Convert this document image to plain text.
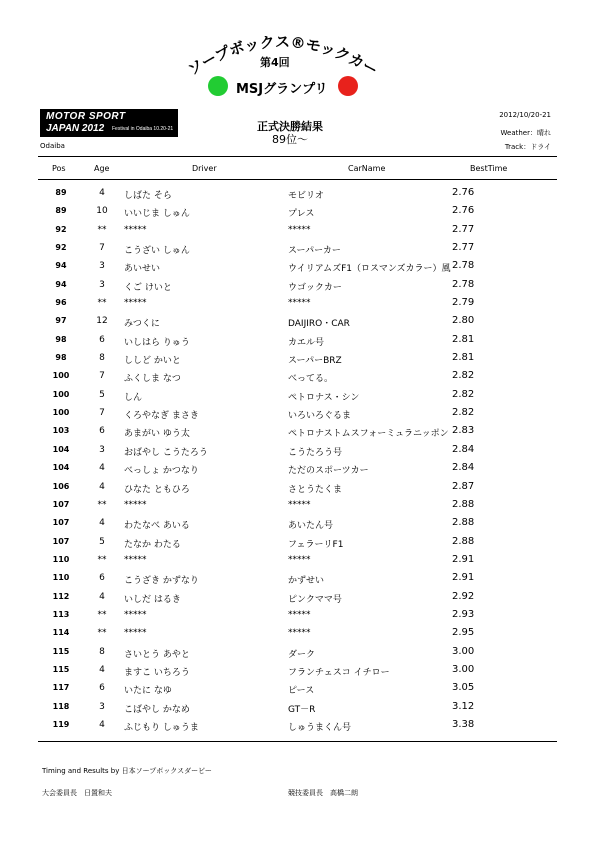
ソープボックス®モックカー
第4回
MSJグランプリ
MOTOR SPORT
JAPAN 2012 Festival in Odaiba 10.20-21
Odaiba
正式決勝結果
89位～
2012/10/20-21
Weather：晴れ
Track：ドライ
Pos	Age	Driver	CarName	BestTime
89	4	しばた そら	モビリオ	2.76
89	10	いいじま しゅん	プレス	2.76
92	**	*****	*****	2.77
92	7	こうざい しゅん	スーパーカー	2.77
94	3	あいせい	ウイリアムズF1（ロスマンズカラー）風 2.78
94	3	くご けいと	ウゴックカー	2.78
96	**	*****	*****	2.79
97	12	みつくに	DAIJIRO・CAR	2.80
98	6	いしはら りゅう	カエル号	2.81
98	8	ししど かいと	スーパーBRZ	2.81
100	7	ふくしま なつ	べってる。	2.82
100	5	しん	ペトロナス・シン	2.82
100	7	くろやなぎ まさき	いろいろぐるま	2.82
103	6	あまがい ゆう太	ペトロナストムスフォーミュラニッポン 2.83
104	3	おばやし こうたろう	こうたろう号	2.84
104	4	べっしょ かつなり	ただのスポーツカー	2.84
106	4	ひなた ともひろ	さとうたくま	2.87
107	**	*****	*****	2.88
107	4	わたなべ あいる	あいたん号	2.88
107	5	たなか わたる	フェラーリF1	2.88
110	**	*****	*****	2.91
110	6	こうざき かずなり	かずせい	2.91
112	4	いしだ はるき	ピンクママ号	2.92
113	**	*****	*****	2.93
114	**	*****	*****	2.95
115	8	さいとう あやと	ダーク	3.00
115	4	ますこ いちろう	フランチェスコ イチロー	3.00
117	6	いたに なゆ	ピース	3.05
118	3	こばやし かなめ	GT－R	3.12
119	4	ふじもり しゅうま	しゅうまくん号	3.38
Timing and Results by 日本ソープボックスダービー
大会委員長　日置和夫	競技委員長　高橋二朗
